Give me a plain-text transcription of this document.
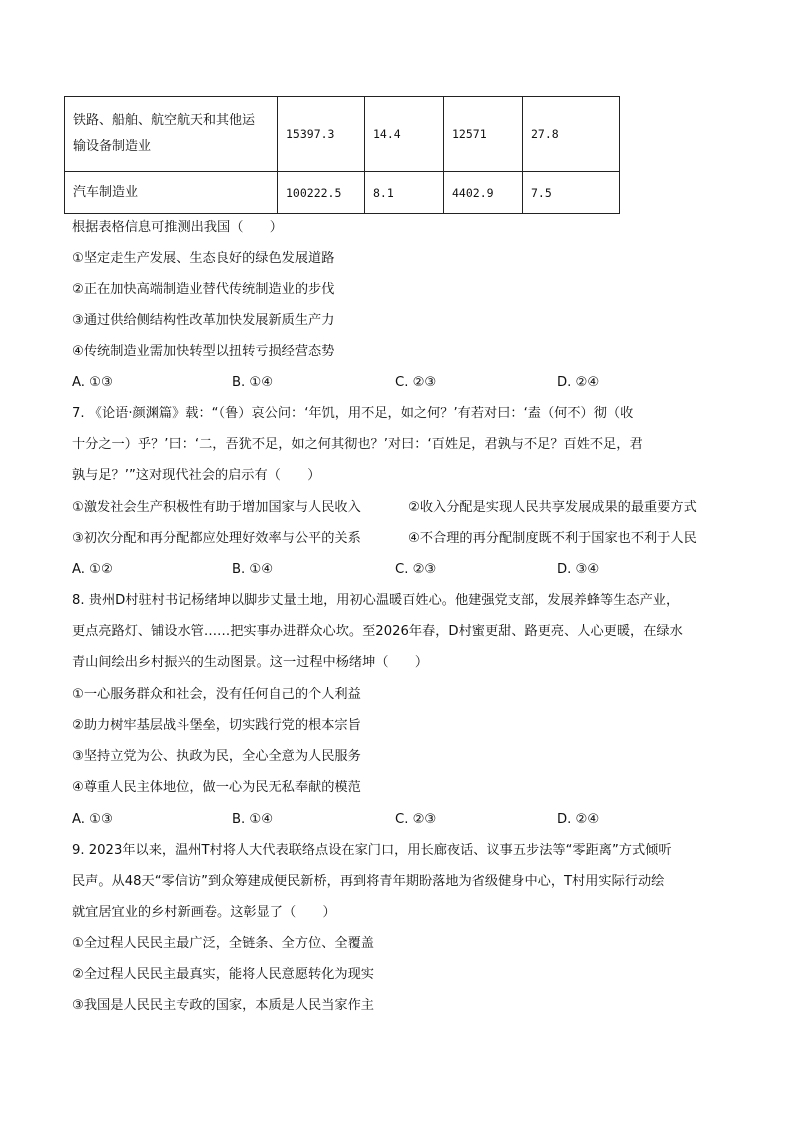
铁路、船舶、航空航天和其他运
输设备制造业	15397.3	14.4	12571	27.8
汽车制造业	100222.5	8.1	4402.9	7.5
根据表格信息可推测出我国（　　）
①坚定走生产发展、生态良好的绿色发展道路
②正在加快高端制造业替代传统制造业的步伐
③通过供给侧结构性改革加快发展新质生产力
④传统制造业需加快转型以扭转亏损经营态势
A. ①③	B. ①④	C. ②③	D. ②④
7. 《论语·颜渊篇》载：“（鲁）哀公问：‘年饥，用不足，如之何？’有若对曰：‘盍（何不）彻（收
十分之一）乎？’曰：‘二，吾犹不足，如之何其彻也？’对曰：‘百姓足，君孰与不足？百姓不足，君
孰与足？’”这对现代社会的启示有（　　）
①激发社会生产积极性有助于增加国家与人民收入	②收入分配是实现人民共享发展成果的最重要方式
③初次分配和再分配都应处理好效率与公平的关系	④不合理的再分配制度既不利于国家也不利于人民
A. ①②	B. ①④	C. ②③	D. ③④
8. 贵州D村驻村书记杨绪坤以脚步丈量土地，用初心温暖百姓心。他建强党支部，发展养蜂等生态产业，
更点亮路灯、铺设水管……把实事办进群众心坎。至2026年春，D村蜜更甜、路更亮、人心更暖，在绿水
青山间绘出乡村振兴的生动图景。这一过程中杨绪坤（　　）
①一心服务群众和社会，没有任何自己的个人利益
②助力树牢基层战斗堡垒，切实践行党的根本宗旨
③坚持立党为公、执政为民，全心全意为人民服务
④尊重人民主体地位，做一心为民无私奉献的模范
A. ①③	B. ①④	C. ②③	D. ②④
9. 2023年以来，温州T村将人大代表联络点设在家门口，用长廊夜话、议事五步法等“零距离”方式倾听
民声。从48天“零信访”到众筹建成便民新桥，再到将青年期盼落地为省级健身中心，T村用实际行动绘
就宜居宜业的乡村新画卷。这彰显了（　　）
①全过程人民民主最广泛，全链条、全方位、全覆盖
②全过程人民民主最真实，能将人民意愿转化为现实
③我国是人民民主专政的国家，本质是人民当家作主
